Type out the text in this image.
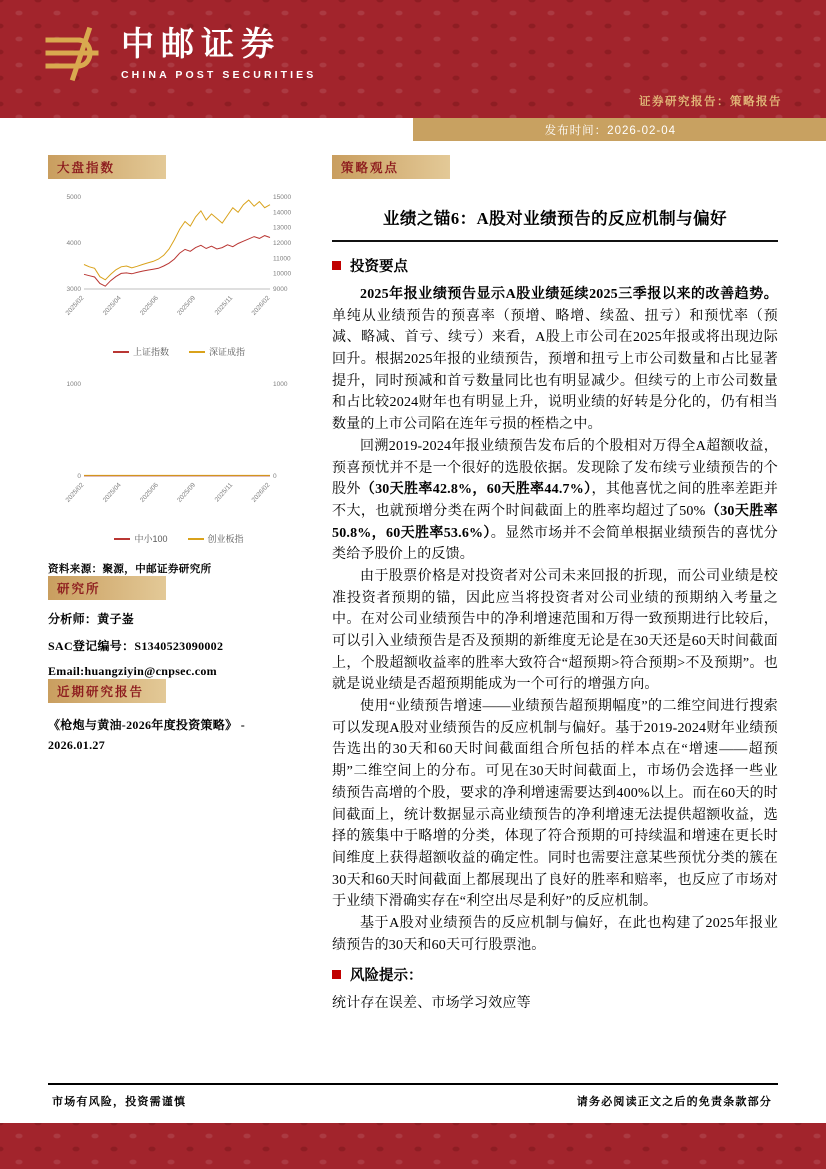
中邮证券
CHINA POST SECURITIES
证券研究报告：策略报告
发布时间：2026-02-04
大盘指数
3000
4000
5000
9000
10000
11000
12000
13000
14000
15000
2025/02	2025/04	2025/06	2025/09	2025/11	2026/02
上证指数	深证成指
0
1000
0
1000
2025/02	2025/04	2025/06	2025/09	2025/11	2026/02
中小100	创业板指
资料来源：聚源，中邮证券研究所
研究所
分析师：黄子崟
SAC登记编号：S1340523090002
Email:huangziyin@cnpsec.com
近期研究报告
《枪炮与黄油-2026年度投资策略》 -
2026.01.27
策略观点
业绩之锚6：A股对业绩预告的反应机制与偏好
投资要点

2025年报业绩预告显示A股业绩延续2025三季报以来的改善趋势。单纯从业绩预告的预喜率（预增、略增、续盈、扭亏）和预忧率（预减、略减、首亏、续亏）来看，A股上市公司在2025年报或将出现边际回升。根据2025年报的业绩预告，预增和扭亏上市公司数量和占比显著提升，同时预减和首亏数量同比也有明显减少。但续亏的上市公司数量和占比较2024财年也有明显上升，说明业绩的好转是分化的，仍有相当数量的上市公司陷在连年亏损的桎梏之中。

回溯2019-2024年报业绩预告发布后的个股相对万得全A超额收益，预喜预忧并不是一个很好的选股依据。发现除了发布续亏业绩预告的个股外（30天胜率42.8%，60天胜率44.7%），其他喜忧之间的胜率差距并不大，也就预增分类在两个时间截面上的胜率均超过了50%（30天胜率50.8%，60天胜率53.6%）。显然市场并不会简单根据业绩预告的喜忧分类给予股价上的反馈。

由于股票价格是对投资者对公司未来回报的折现，而公司业绩是校准投资者预期的锚，因此应当将投资者对公司业绩的预期纳入考量之中。在对公司业绩预告中的净利增速范围和万得一致预期进行比较后，可以引入业绩预告是否及预期的新维度无论是在30天还是60天时间截面上，个股超额收益率的胜率大致符合“超预期>符合预期>不及预期”。也就是说业绩是否超预期能成为一个可行的增强方向。

使用“业绩预告增速——业绩预告超预期幅度”的二维空间进行搜索可以发现A股对业绩预告的反应机制与偏好。基于2019-2024财年业绩预告选出的30天和60天时间截面组合所包括的样本点在“增速——超预期”二维空间上的分布。可见在30天时间截面上，市场仍会选择一些业绩预告高增的个股，要求的净利增速需要达到400%以上。而在60天的时间截面上，统计数据显示高业绩预告的净利增速无法提供超额收益，选择的簇集中于略增的分类，体现了符合预期的可持续温和增速在更长时间维度上获得超额收益的确定性。同时也需要注意某些预忧分类的簇在30天和60天时间截面上都展现出了良好的胜率和赔率，也反应了市场对于业绩下滑确实存在“利空出尽是利好”的反应机制。

基于A股对业绩预告的反应机制与偏好，在此也构建了2025年报业绩预告的30天和60天可行股票池。

风险提示：

统计存在误差、市场学习效应等

市场有风险，投资需谨慎	请务必阅读正文之后的免责条款部分
